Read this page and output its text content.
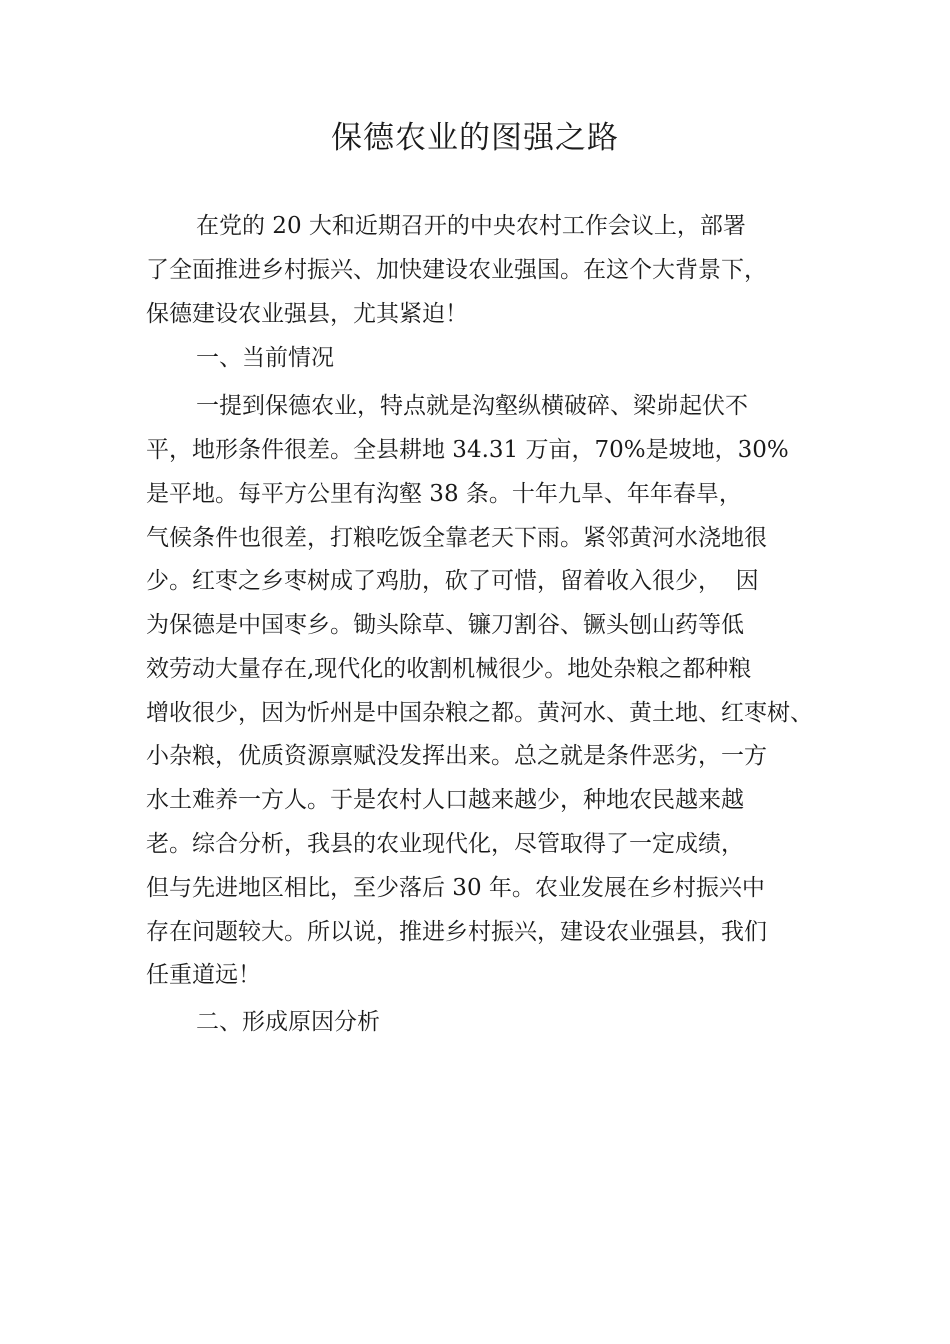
保德农业的图强之路
在党的 20 大和近期召开的中央农村工作会议上，部署
了全面推进乡村振兴、加快建设农业强国。在这个大背景下，
保德建设农业强县，尤其紧迫！
一、当前情况
一提到保德农业，特点就是沟壑纵横破碎、梁峁起伏不
平，地形条件很差。全县耕地 34.31 万亩，70%是坡地，30%
是平地。每平方公里有沟壑 38 条。十年九旱、年年春旱，
气候条件也很差，打粮吃饭全靠老天下雨。紧邻黄河水浇地很
少。红枣之乡枣树成了鸡肋，砍了可惜，留着收入很少，  因
为保德是中国枣乡。锄头除草、镰刀割谷、镢头刨山药等低
效劳动大量存在,现代化的收割机械很少。地处杂粮之都种粮
增收很少，因为忻州是中国杂粮之都。黄河水、黄土地、红枣树、
小杂粮，优质资源禀赋没发挥出来。总之就是条件恶劣，一方
水土难养一方人。于是农村人口越来越少，种地农民越来越
老。综合分析，我县的农业现代化，尽管取得了一定成绩，
但与先进地区相比，至少落后 30 年。农业发展在乡村振兴中
存在问题较大。所以说，推进乡村振兴，建设农业强县，我们
任重道远！
二、形成原因分析
